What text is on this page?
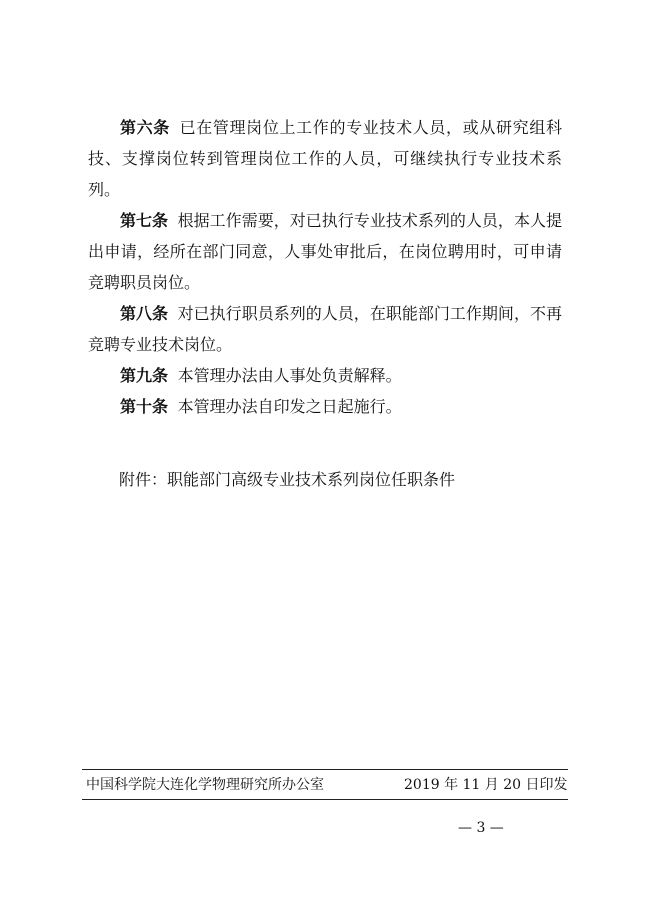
第六条 已在管理岗位上工作的专业技术人员，或从研究组科技、支撑岗位转到管理岗位工作的人员，可继续执行专业技术系列。

第七条 根据工作需要，对已执行专业技术系列的人员，本人提出申请，经所在部门同意，人事处审批后，在岗位聘用时，可申请竞聘职员岗位。

第八条 对已执行职员系列的人员，在职能部门工作期间，不再竞聘专业技术岗位。

第九条 本管理办法由人事处负责解释。

第十条 本管理办法自印发之日起施行。

附件：职能部门高级专业技术系列岗位任职条件
中国科学院大连化学物理研究所办公室	2019 年 11 月 20 日印发
— 3 —
